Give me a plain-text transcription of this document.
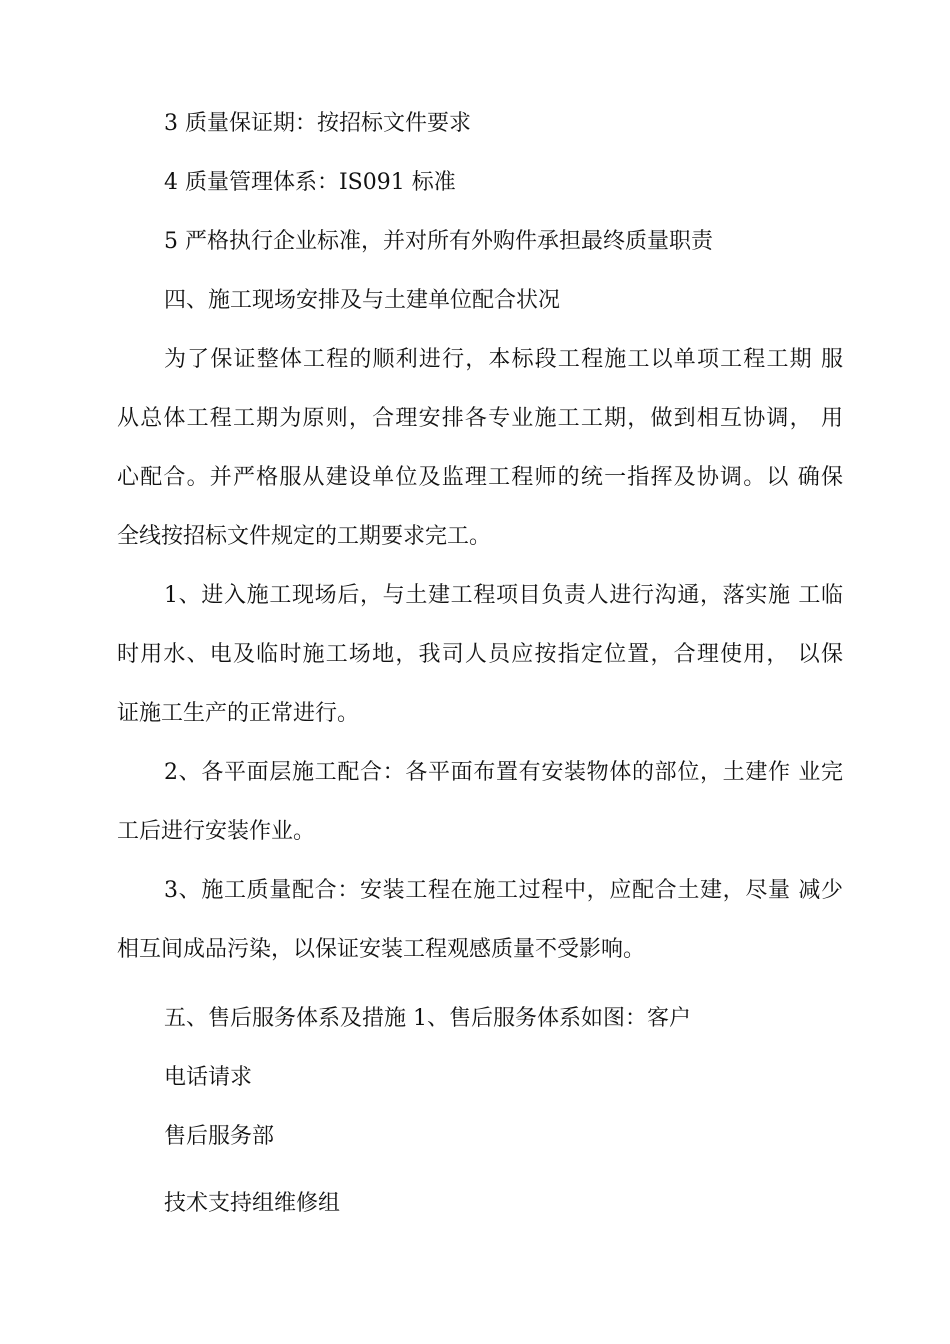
3 质量保证期：按招标文件要求
4 质量管理体系：IS091 标准
5 严格执行企业标准，并对所有外购件承担最终质量职责
四、施工现场安排及与土建单位配合状况
为了保证整体工程的顺利进行，本标段工程施工以单项工程工期 服
从总体工程工期为原则，合理安排各专业施工工期，做到相互协调， 用
心配合。并严格服从建设单位及监理工程师的统一指挥及协调。以 确保
全线按招标文件规定的工期要求完工。
1、进入施工现场后，与土建工程项目负责人进行沟通，落实施 工临
时用水、电及临时施工场地，我司人员应按指定位置，合理使用， 以保
证施工生产的正常进行。
2、各平面层施工配合：各平面布置有安装物体的部位，土建作 业完
工后进行安装作业。
3、施工质量配合：安装工程在施工过程中，应配合土建，尽量 减少
相互间成品污染，以保证安装工程观感质量不受影响。
五、售后服务体系及措施 1、售后服务体系如图：客户
电话请求
售后服务部
技术支持组维修组
